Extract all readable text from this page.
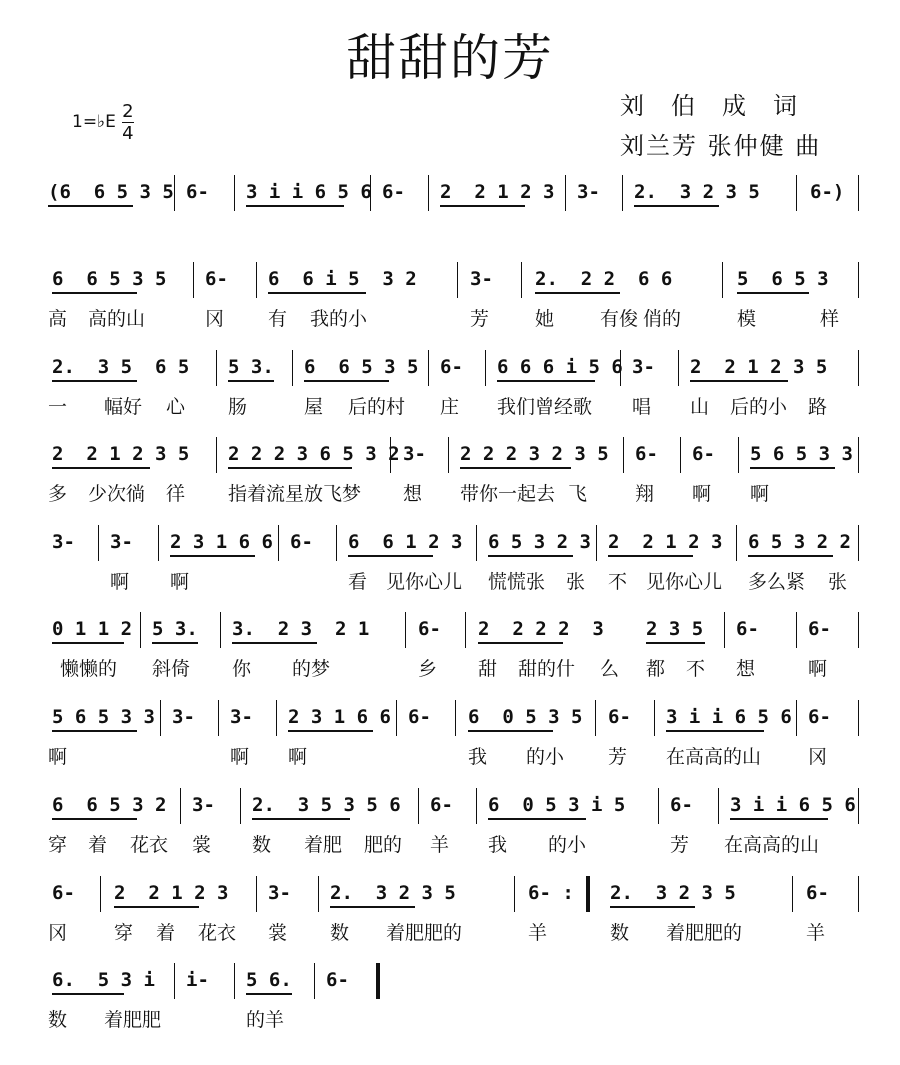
甜甜的芳
1=♭E $\frac{2}{4}$	刘伯成词
刘兰芳 张仲健 曲
(6  6 5 3 5 6- 3 i i 6 5 6 6- 2  2 1 2 3 3- 2.  3 2 3 5	6-)
6  6 5 3 5 6- 6  6 i 5  3 2	3- 2.  2 2  6 6	5  6 5 3
高 高的山	冈 有 我的小	芳 她 有俊 俏的	模	样
2.  3 5  6 5 5 3. 6  6 5 3 5 6- 6 6 6 i 5 6 3- 2  2 1 2 3 5
一 幅好 心 肠	屋 后的村 庄 我们曾经歌 唱 山 后的小 路
2  2 1 2 3 5 2 2 2 3 6 5 3 2 3- 2 2 2 3 2 3 5 6- 6- 5 6 5 3 3
多 少次徜 徉 指着流星放飞梦 想 带你一起去 飞	翔 啊 啊
3- 3- 2 3 1 6 6 6- 6  6 1 2 3 6 5 3 2 3 2  2 1 2 3 6 5 3 2 2
啊 啊	看 见你心儿 慌慌张 张 不 见你心儿 多么紧 张
0 1 1 2 5 3. 3.  2 3  2 1	6- 2  2 2 2  3 2 3 5 6-	6-
懒懒的 斜倚 你 的梦	乡 甜 甜的什 么 都 不 想	啊
5 6 5 3 3 3- 3- 2 3 1 6 6 6- 6  0 5 3 5 6- 3 i i 6 5 6 6-
啊	啊 啊	我 的小 芳 在高高的山 冈
6  6 5 3 2 3- 2.  3 5 3 5 6 6- 6  0 5 3 i 5 6- 3 i i 6 5 6
穿 着 花衣 裳 数 着肥 肥的 羊 我 的小	芳 在高高的山
6- 2  2 1 2 3 3- 2.  3 2 3 5	6- : 2.  3 2 3 5	6-
冈 穿 着 花衣 裳 数 着肥肥的	羊	数 着肥肥的	羊
6.  5 3 i i- 5 6. 6-
数 着肥肥	的羊
